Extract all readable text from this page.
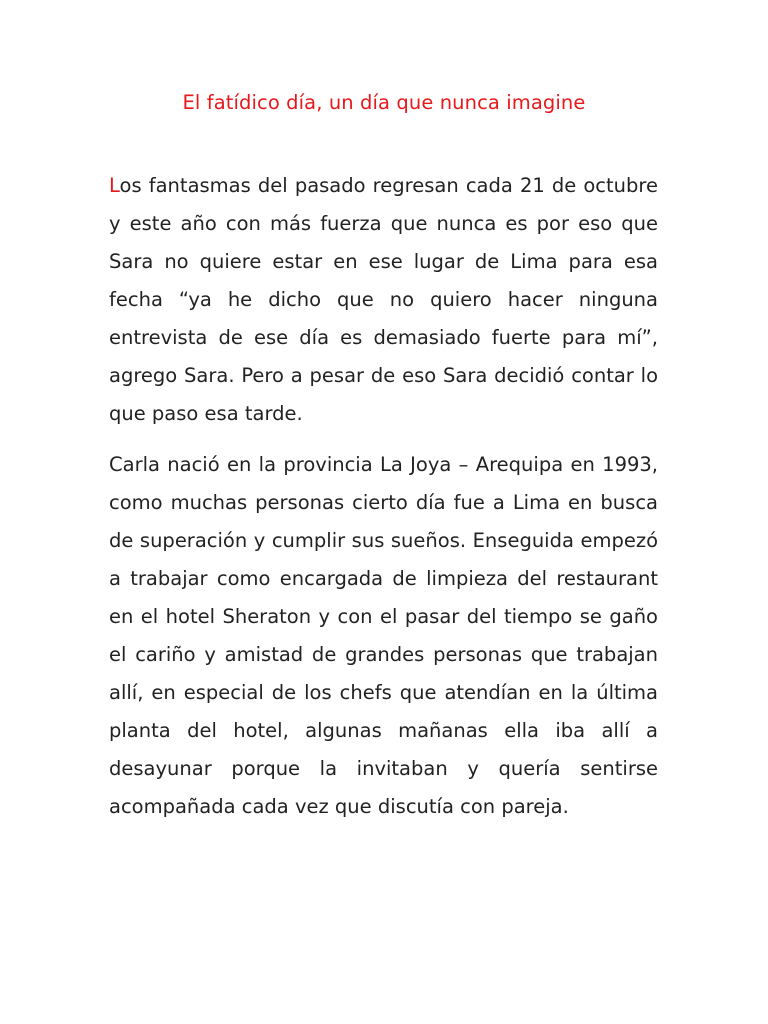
El fatídico día, un día que nunca imagine

Los fantasmas del pasado regresan cada 21 de octubre y este año con más fuerza que nunca es por eso que Sara no quiere estar en ese lugar de Lima para esa fecha “ya he dicho que no quiero hacer ninguna entrevista de ese día es demasiado fuerte para mí”, agrego Sara. Pero a pesar de eso Sara decidió contar lo que paso esa tarde.

Carla nació en la provincia La Joya – Arequipa en 1993, como muchas personas cierto día fue a Lima en busca de superación y cumplir sus sueños. Enseguida empezó a trabajar como encargada de limpieza del restaurant en el hotel Sheraton y con el pasar del tiempo se gaño el cariño y amistad de grandes personas que trabajan allí, en especial de los chefs que atendían en la última planta del hotel, algunas mañanas ella iba allí a desayunar porque la invitaban y quería sentirse acompañada cada vez que discutía con pareja.
